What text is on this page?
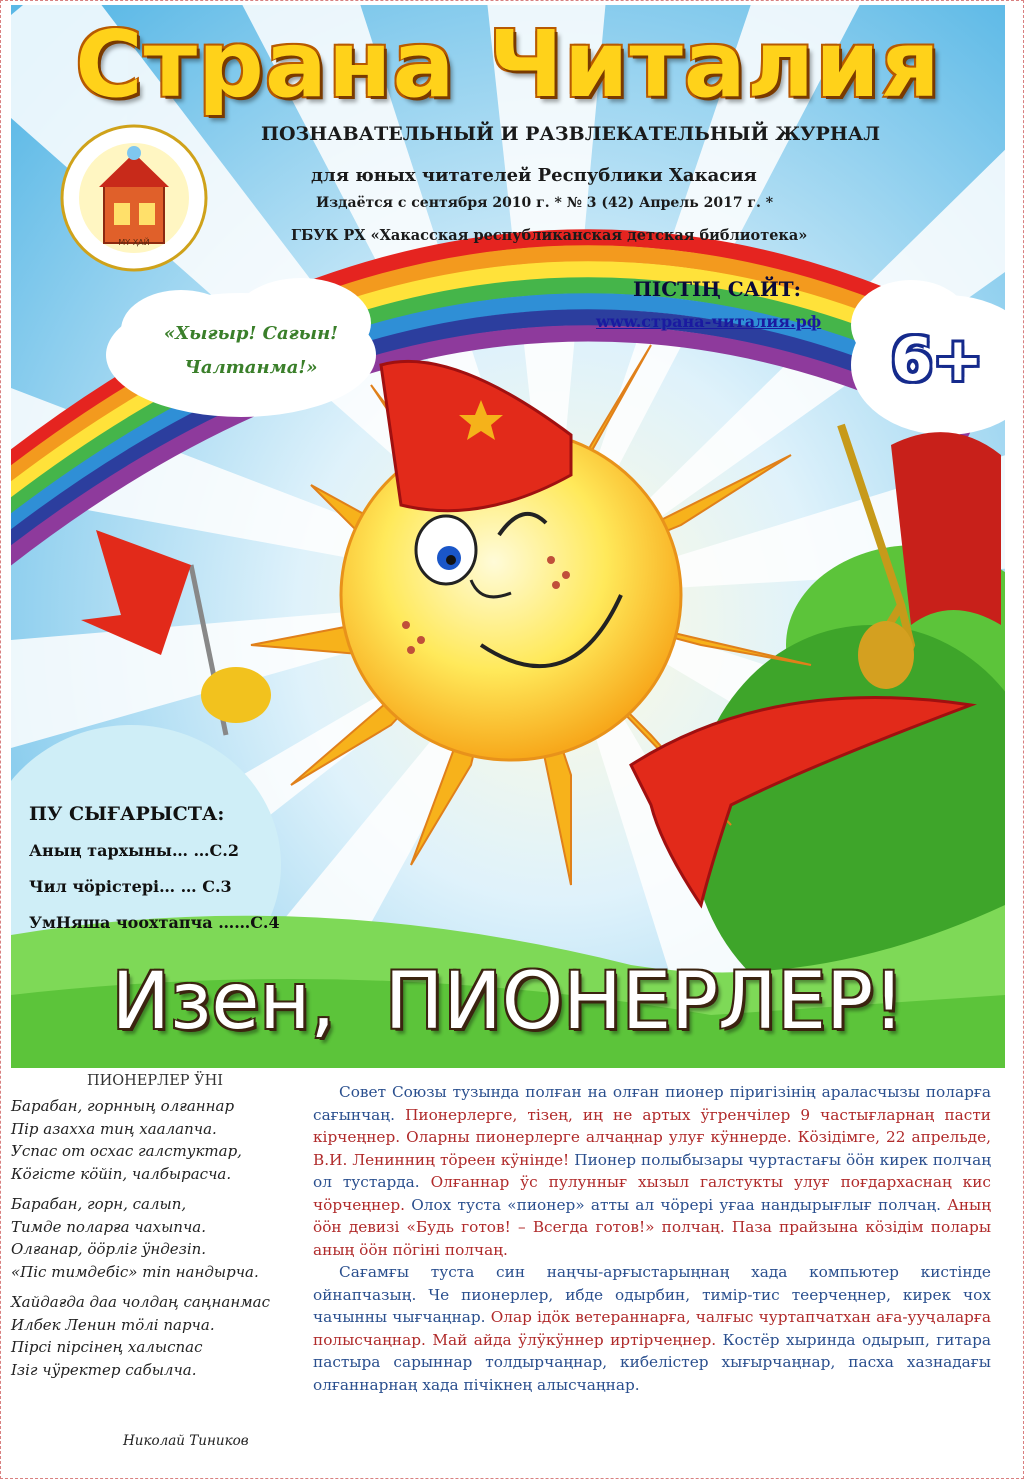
Страна Читалия
МҮ ҲАЙ
ПОЗНАВАТЕЛЬНЫЙ И РАЗВЛЕКАТЕЛЬНЫЙ ЖУРНАЛ
для юных читателей Республики Хакасия
Издаётся с сентября 2010 г. * № 3 (42) Апрель 2017 г. *
ГБУК РХ «Хакасская республиканская детская библиотека»
ПIСТIҢ САЙТ:
www.страна-читалия.рф
«Хығыр! Сағын!
Чалтанма!»	6+
ПУ СЫҒАРЫСТА:
Аның тархыны… …С.2
Чил чӧрiстерi… … С.3
УмНяша чоохтапча ……С.4
Изен,  ПИОНЕРЛЕР!
ПИОНЕРЛЕР ӰНI
Барабан, горнның олғаннар
Пiр азахха тиң хаалапча.
Успас от осхас галстуктар,
Кӧгiсте кӧйiп, чалбырасча.
Барабан, горн, салып,
Тимде поларға чахыпча.
Олғанар, ӧӧрлiг ӱндезiп.
«Пiс тимдебiс» тiп нандырча.
Хайдағда даа чолдаң саңнанмас
Илбек Ленин тӧлi парча.
Пiрсi пiрсiнең халыспас
Iзiг чӱректер сабылча.
Николай Тиников

Совет Союзы тузында полған на олған пионер пiригiзiнiң араласчызы поларға сағынчаң. Пионерлерге, тiзең, иң не артых ӱгренчiлер 9 частығларнаң пасти кiрчеңнер. Оларны пионерлерге алчаңнар улуғ кӱннерде. Кӧзiдiмге, 22 апрельде, В.И. Ленинниң тӧреен кӱнiнде! Пионер полыбызары чуртастағы ӧӧн кирек полчаң ол тустарда. Олғаннар ӱс пулуннығ хызыл галстукты улуғ поғдархаснаң кис чӧрчеңнер. Олох туста «пионер» атты ал чӧрерi уғаа нандырығлығ полчаң. Аның ӧӧн девизi «Будь готов! – Всегда готов!» полчаң. Паза прайзына кӧзiдiм полары аның ӧӧн пӧгiнi полчаң.

Сағамғы туста син наңчы-арғыстарыңнаң хада компьютер кистiнде ойнапчазың. Че пионерлер, ибде одырбин, тимiр-тис теерчеңнер, кирек чох чачынны чығчаңнар. Олар iдӧк ветераннарға, чалғыс чуртапчатхан аға-ууҷаларға полысчаңнар. Май айда ӱлӱкӱннер иртiрчеңнер. Костёр хыринда одырып, гитара пастыра сарыннар толдырчаңнар, кибелiстер хығырчаңнар, пасха хазнадағы олғаннарнаң хада пiчiкнең алысчаңнар.
